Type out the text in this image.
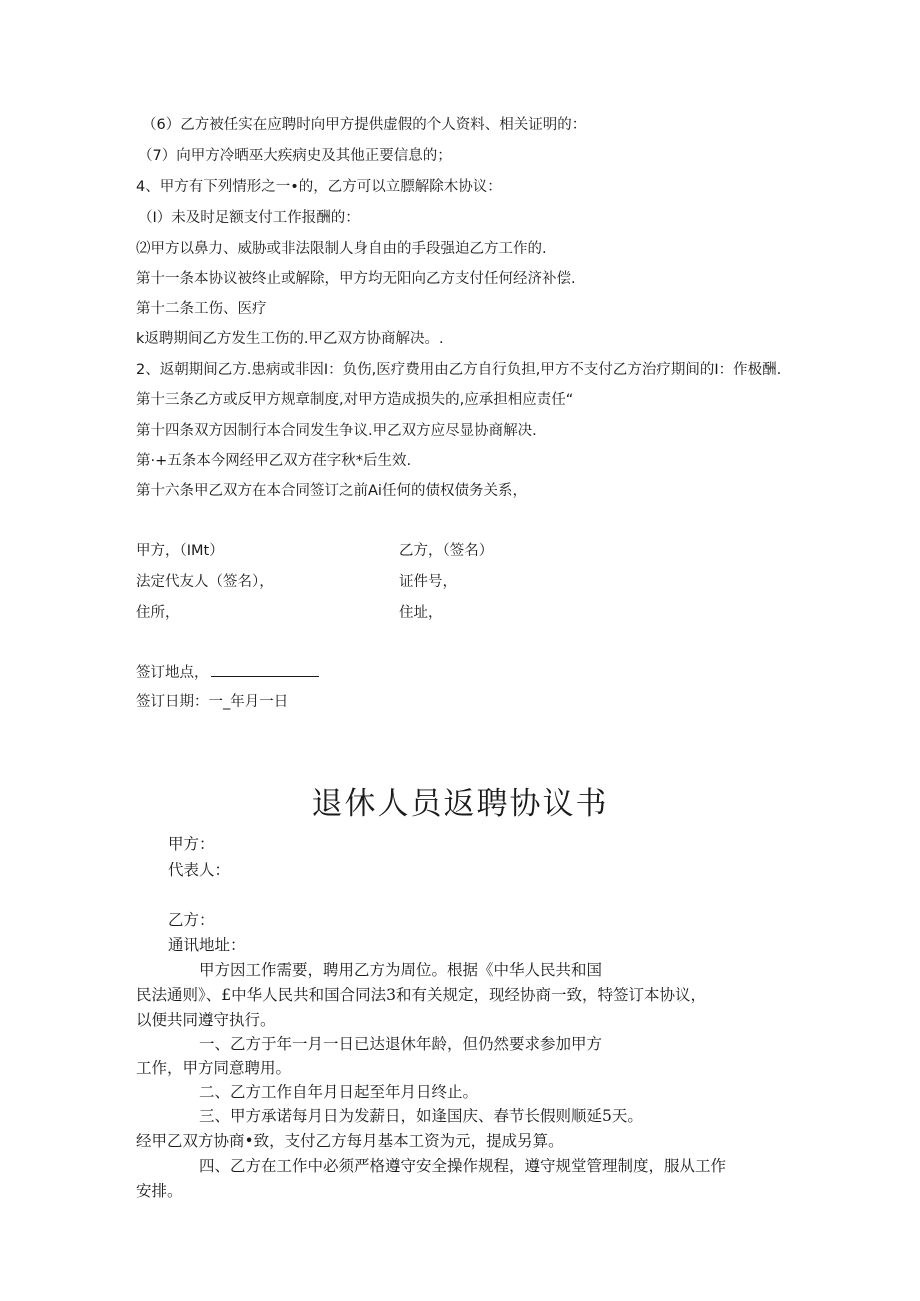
（6）乙方被任实在应聘时向甲方提供虚假的个人资料、相关证明的：
（7）向甲方冷晒巫大疾病史及其他正要信息的；
4、甲方有下列情形之一•的，乙方可以立膘解除木协议：
（I）未及时足额支付工作报酬的：
⑵甲方以鼻力、威胁或非法限制人身自由的手段强迫乙方工作的.
第十一条本协议被终止或解除，甲方均无阳向乙方支付任何经济补偿.
第十二条工伤、医疗
k返聘期间乙方发生工伤的.甲乙双方协商解决。.
2、返朝期间乙方.患病或非因I：负伤,医疗费用由乙方自行负担,甲方不支付乙方治疗期间的I：作极酬.
第十三条乙方或反甲方规章制度,对甲方造成损失的,应承担相应责任“
第十四条双方因制行本合同发生争议.甲乙双方应尽显协商解决.
第·+五条本今网经甲乙双方荏字秋*后生效.
第十六条甲乙双方在本合同签订之前Ai任何的债权债务关系，
甲方，（IMt）	乙方，（签名）
法定代友人（签名），	证件号，
住所，	住址，
签订地点，
签订日期：一_年月一日
退休人员返聘协议书
甲方：
代表人：
乙方：
通讯地址：
甲方因工作需要，聘用乙方为周位。根据《中华人民共和国
民法通则》、£中华人民共和国合同法3和有关规定，现经协商一致，特签订本协议，
以便共同遵守执行。
一、乙方于年一月一日已达退休年龄，但仍然要求参加甲方
工作，甲方同意聘用。
二、乙方工作自年月日起至年月日终止。
三、甲方承诺每月日为发薪日，如逢国庆、春节长假则顺延5天。
经甲乙双方协商•致，支付乙方每月基本工资为元，提成另算。
四、乙方在工作中必须严格遵守安全操作规程，遵守规堂管理制度，服从工作
安排。
